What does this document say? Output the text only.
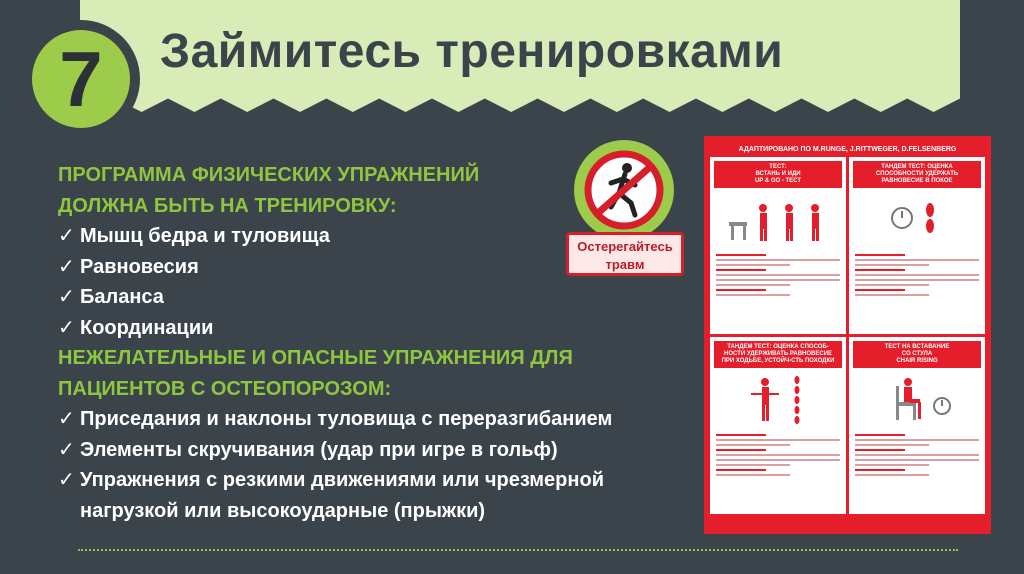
Займитесь тренировками
7
ПРОГРАММА ФИЗИЧЕСКИХ УПРАЖНЕНИЙ
ДОЛЖНА БЫТЬ НА ТРЕНИРОВКУ:
✓ Мышц бедра и туловища
✓ Равновесия
✓ Баланса
✓ Координации
НЕЖЕЛАТЕЛЬНЫЕ И ОПАСНЫЕ УПРАЖНЕНИЯ ДЛЯ
ПАЦИЕНТОВ С ОСТЕОПОРОЗОМ:
✓ Приседания и наклоны туловища с переразгибанием
✓ Элементы скручивания (удар при игре в гольф)
✓ Упражнения с резкими движениями или чрезмерной нагрузкой или высокоударные (прыжки)
Остерегайтесь
травм
АДАПТИРОВАНО ПО M.RUNGE, J.RITTWEGER, D.FELSENBERG
ТЕСТ:
ВСТАНЬ И ИДИ
UP & GO - ТЕСТ
ТАНДЕМ ТЕСТ: ОЦЕНКА
СПОСОБНОСТИ УДЕРЖАТЬ
РАВНОВЕСИЕ В ПОКОЕ
ТАНДЕМ ТЕСТ: ОЦЕНКА СПОСОБ-
НОСТИ УДЕРЖИВАТЬ РАВНОВЕСИЕ
ПРИ ХОДЬБЕ, УСТОЙЧ-СТЬ ПОХОДКИ
ТЕСТ НА ВСТАВАНИЕ
СО СТУЛА
CHAIR RISING
